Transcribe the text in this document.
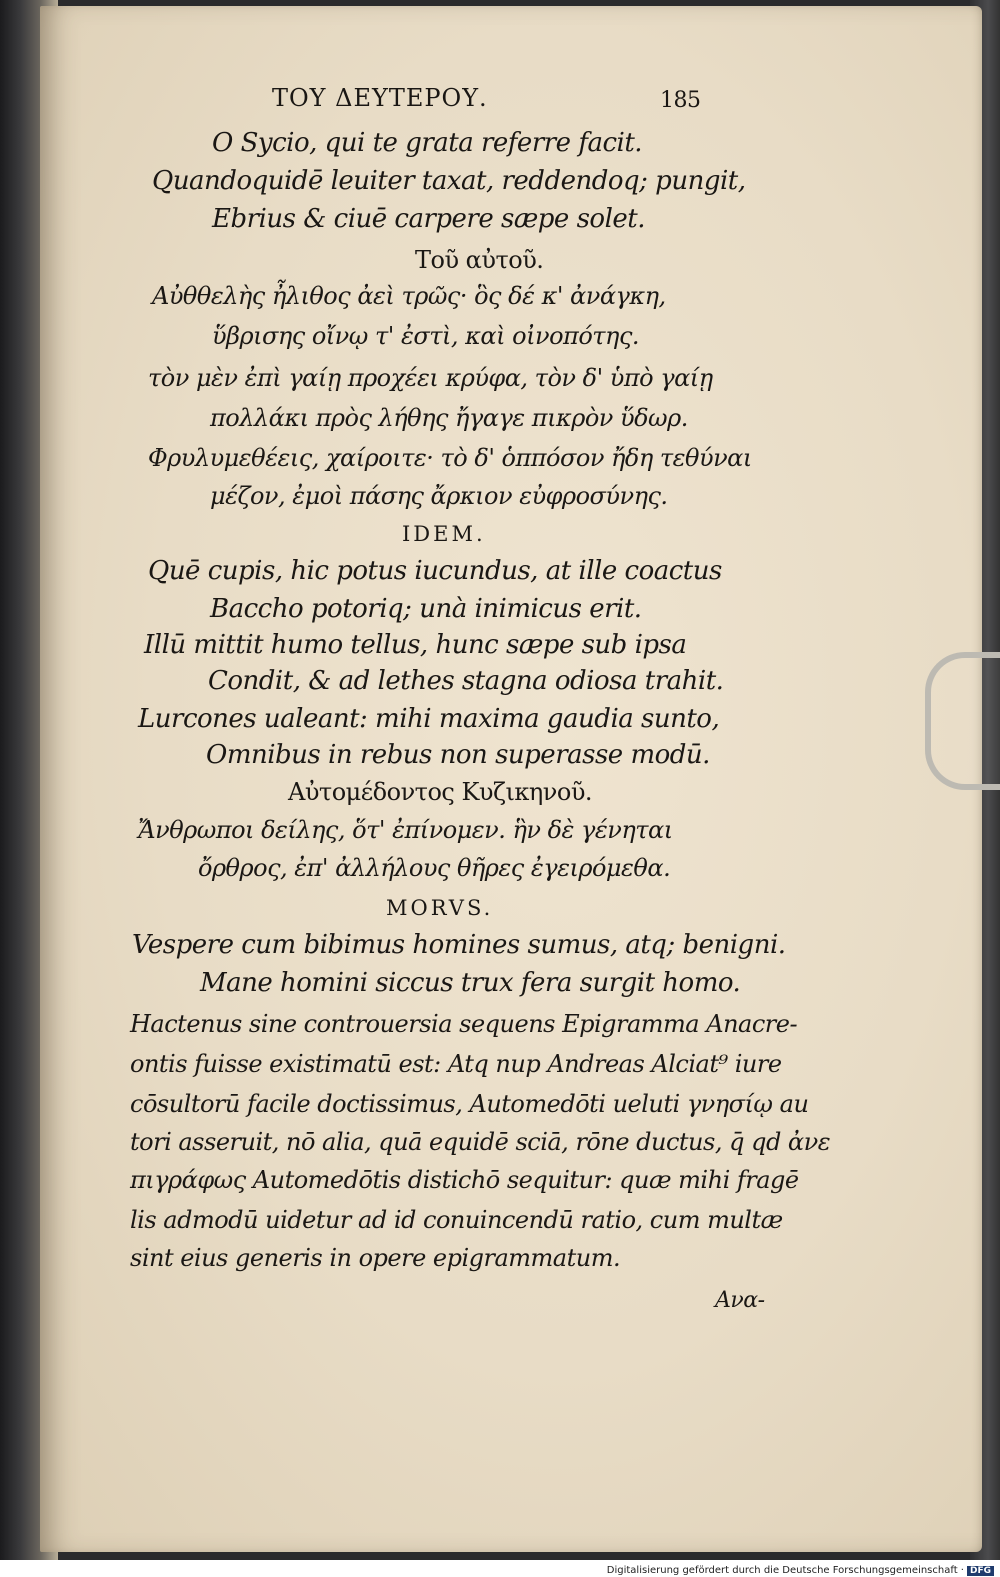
ΤΟΥ ΔΕΥΤΕΡΟΥ.	185
O Sycio, qui te grata referre facit.
Quandoquidē leuiter taxat, reddendoq; pungit,
Ebrius & ciuē carpere sæpe solet.
Τοῦ αὐτοῦ.
Αὐθθελὴς ἦλιθος ἀεὶ τρῶς· ὃς δέ κ' ἀνάγκη,
ὕβρισης οἴνῳ τ' ἐστὶ, καὶ οἰνοπότης.
τὸν μὲν ἐπὶ γαίῃ προχέει κρύφα, τὸν δ' ὑπὸ γαίῃ
πολλάκι πρὸς λήθης ἤγαγε πικρὸν ὕδωρ.
Φρυλυμεθέεις, χαίροιτε· τὸ δ' ὁππόσον ἤδη τεθύναι
μέζον, ἐμοὶ πάσης ἄρκιον εὐφροσύνης.
IDEM.
Quē cupis, hic potus iucundus, at ille coactus
Baccho potoriq; unà inimicus erit.
Illū mittit humo tellus, hunc sæpe sub ipsa
Condit, & ad lethes stagna odiosa trahit.
Lurcones ualeant: mihi maxima gaudia sunto,
Omnibus in rebus non superasse modū.
Αὐτομέδοντος Κυζικηνοῦ.
Ἄνθρωποι δείλης, ὅτ' ἐπίνομεν. ἣν δὲ γένηται
ὄρθρος, ἐπ' ἀλλήλους θῆρες ἐγειρόμεθα.
MORVS.
Vespere cum bibimus homines sumus, atq; benigni.
Mane homini siccus trux fera surgit homo.
Hactenus sine controuersia sequens Epigramma Anacre-
ontis fuisse existimatū est: Atq nup Andreas Alciat⁹ iure
cōsultorū facile doctissimus, Automedōti ueluti γνησίῳ au
tori asseruit, nō alia, quā equidē sciā, rōne ductus, q̄ qd ἀνε
πιγράφως Automedōtis distichō sequitur: quæ mihi fragē
lis admodū uidetur ad id conuincendū ratio, cum multæ
sint eius generis in opere epigrammatum.
Ανα-
Digitalisierung gefördert durch die Deutsche Forschungsgemeinschaft · DFG
